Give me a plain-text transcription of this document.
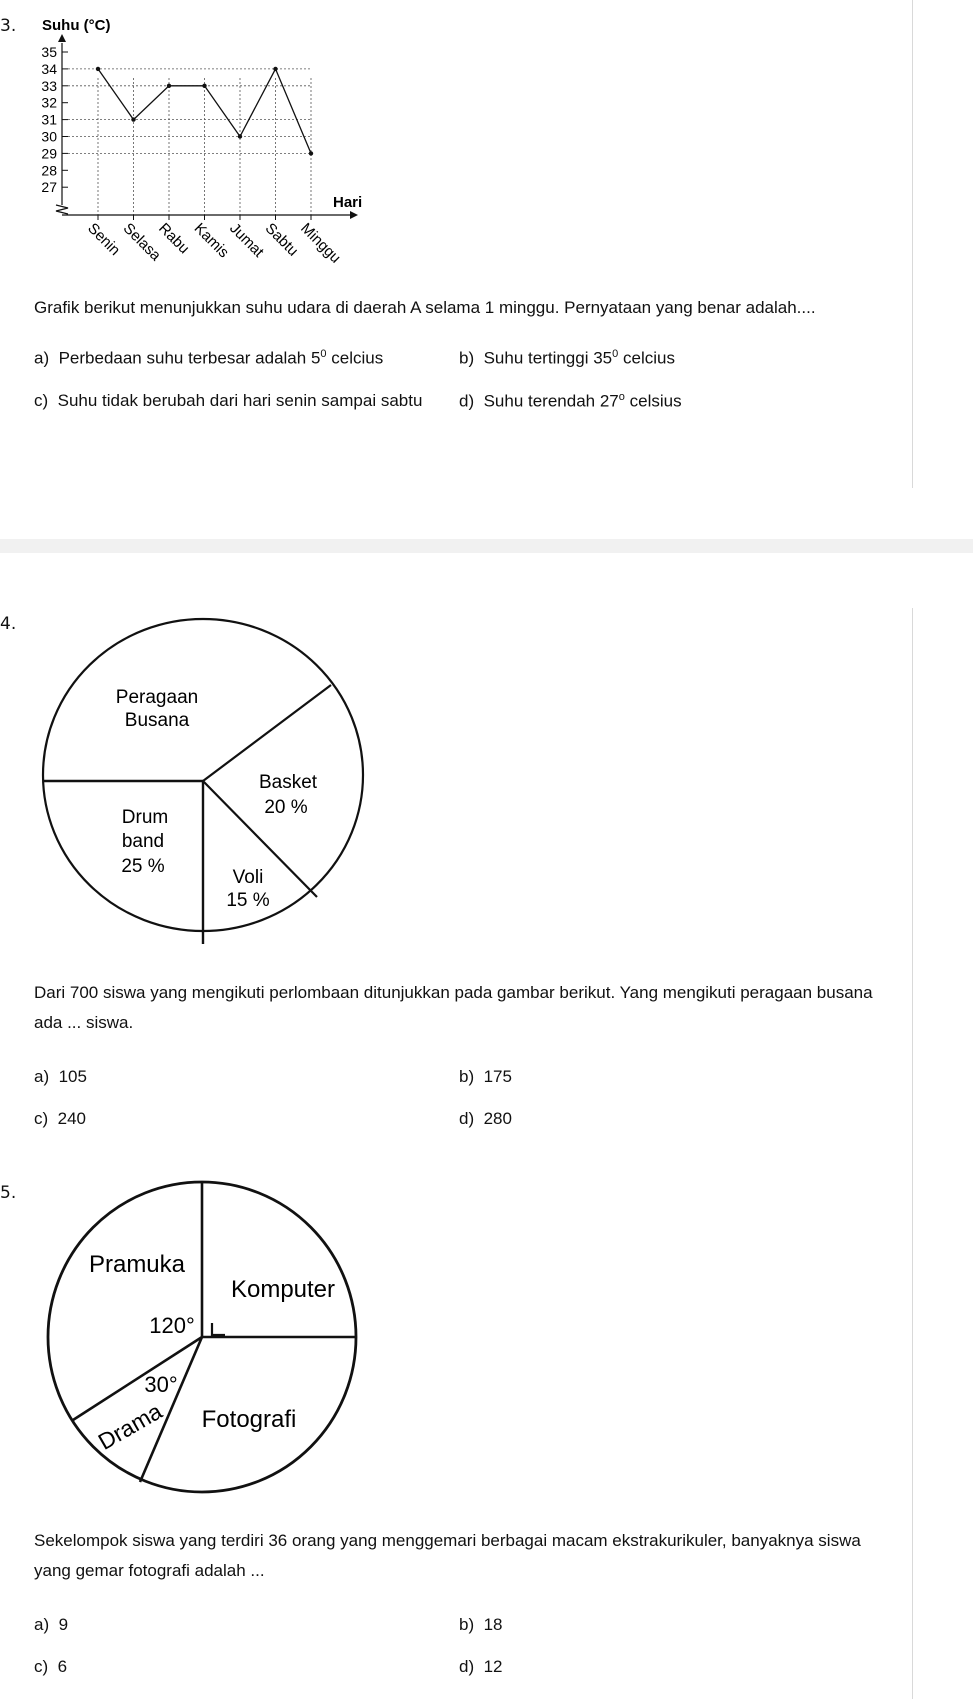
3.
35
34
33
32
31
30
29
28
27
Suhu (°C)
Hari
Senin
Selasa
Rabu
Kamis
Jumat
Sabtu
Minggu
Grafik berikut menunjukkan suhu udara di daerah A selama 1 minggu. Pernyataan yang benar adalah....
a) Perbedaan suhu terbesar adalah $5^0$ celcius	b) Suhu tertinggi $35^0$ celcius
c) Suhu tidak berubah dari hari senin sampai sabtu d) Suhu terendah 27$^o$ celsius
4.
Peragaan
Busana
Basket
20 %
Voli
15 %
Drum
band
25 %
Dari 700 siswa yang mengikuti perlombaan ditunjukkan pada gambar berikut. Yang mengikuti peragaan busana ada ... siswa.
a) 105	b) 175
c) 240	d) 280
5.
Pramuka
120°
Komputer
Fotografi
30°
Drama
Sekelompok siswa yang terdiri 36 orang yang menggemari berbagai macam ekstrakurikuler, banyaknya siswa yang gemar fotografi adalah ...
a) 9	b) 18
c) 6	d) 12
